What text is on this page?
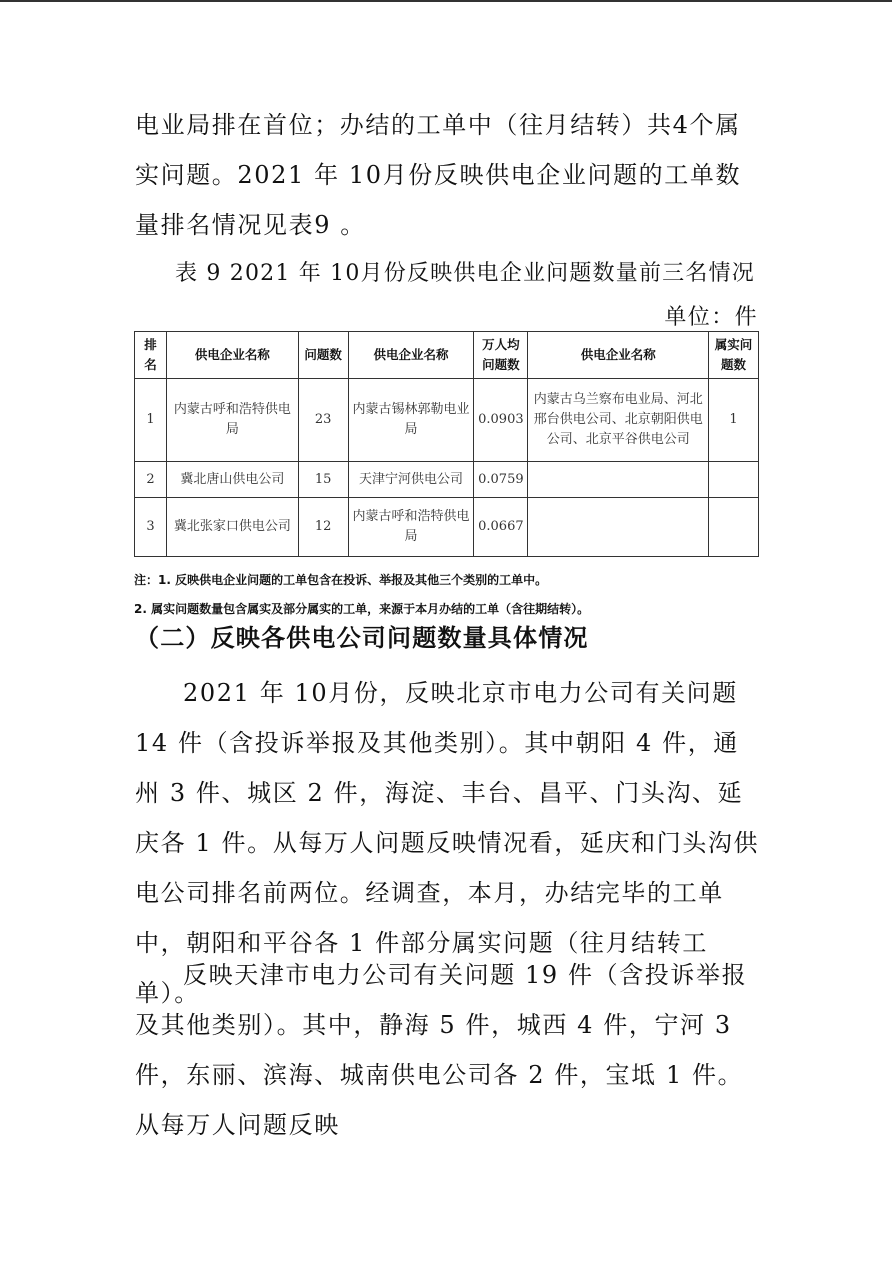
电业局排在首位；办结的工单中（往月结转）共4个属实问题。2021 年 10月份反映供电企业问题的工单数量排名情况见表9 。

表 9 2021 年 10月份反映供电企业问题数量前三名情况

单位：件
排名	供电企业名称	问题数	供电企业名称	万人均问题数	供电企业名称	属实问题数
1	内蒙古呼和浩特供电局	23	内蒙古锡林郭勒电业局	0.0903	内蒙古乌兰察布电业局、河北邢台供电公司、北京朝阳供电公司、北京平谷供电公司	1
2	冀北唐山供电公司	15	天津宁河供电公司	0.0759		
3	冀北张家口供电公司	12	内蒙古呼和浩特供电局	0.0667		
注：1. 反映供电企业问题的工单包含在投诉、举报及其他三个类别的工单中。
2. 属实问题数量包含属实及部分属实的工单，来源于本月办结的工单（含往期结转）。
（二）反映各供电公司问题数量具体情况

2021 年 10月份，反映北京市电力公司有关问题 14 件（含投诉举报及其他类别）。其中朝阳 4 件，通州 3 件、城区 2 件，海淀、丰台、昌平、门头沟、延庆各 1 件。从每万人问题反映情况看，延庆和门头沟供电公司排名前两位。经调查，本月，办结完毕的工单中，朝阳和平谷各 1 件部分属实问题（往月结转工单）。

反映天津市电力公司有关问题 19 件（含投诉举报及其他类别）。其中，静海 5 件，城西 4 件，宁河 3 件，东丽、滨海、城南供电公司各 2 件，宝坻 1 件。从每万人问题反映
